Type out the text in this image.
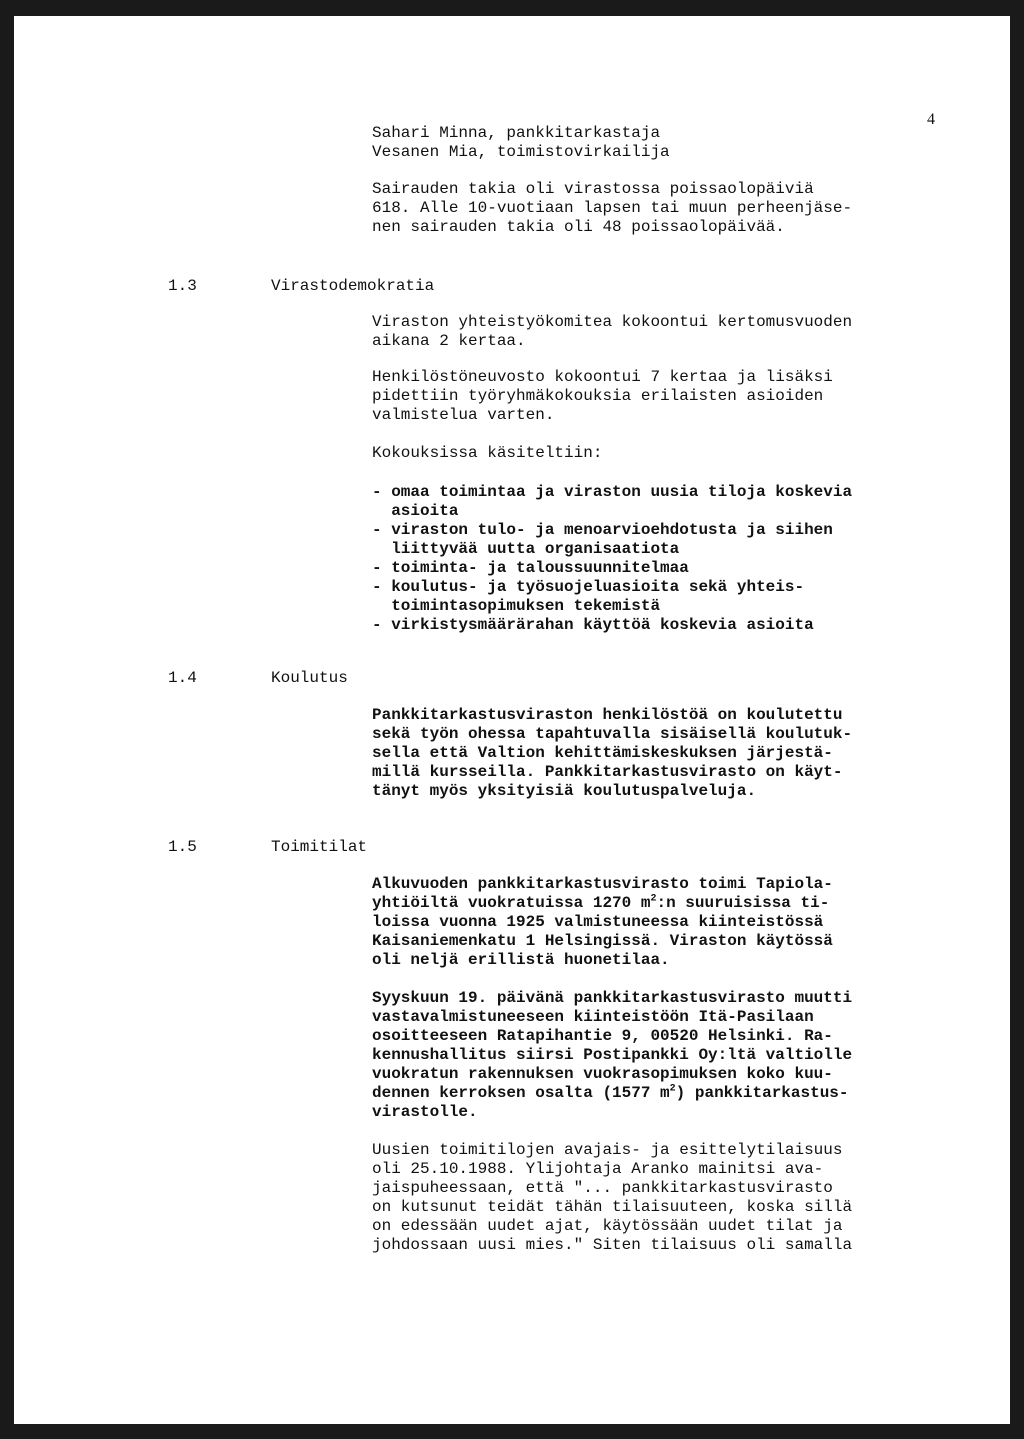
4

Sahari Minna, pankkitarkastaja

Vesanen Mia, toimistovirkailija

Sairauden takia oli virastossa poissaolopäiviä

618. Alle 10-vuotiaan lapsen tai muun perheenjäse-

nen sairauden takia oli 48 poissaolopäivää.

1.3	Virastodemokratia

Viraston yhteistyökomitea kokoontui kertomusvuoden

aikana 2 kertaa.

Henkilöstöneuvosto kokoontui 7 kertaa ja lisäksi

pidettiin työryhmäkokouksia erilaisten asioiden

valmistelua varten.

Kokouksissa käsiteltiin:

- omaa toimintaa ja viraston uusia tiloja koskevia

asioita

- viraston tulo- ja menoarvioehdotusta ja siihen

liittyvää uutta organisaatiota

- toiminta- ja taloussuunnitelmaa

- koulutus- ja työsuojeluasioita sekä yhteis-

toimintasopimuksen tekemistä

- virkistysmäärärahan käyttöä koskevia asioita

1.4	Koulutus

Pankkitarkastusviraston henkilöstöä on koulutettu

sekä työn ohessa tapahtuvalla sisäisellä koulutuk-

sella että Valtion kehittämiskeskuksen järjestä-

millä kursseilla. Pankkitarkastusvirasto on käyt-

tänyt myös yksityisiä koulutuspalveluja.

1.5	Toimitilat

Alkuvuoden pankkitarkastusvirasto toimi Tapiola-

yhtiöiltä vuokratuissa 1270 $m^2:n$ suuruisissa ti-

loissa vuonna 1925 valmistuneessa kiinteistössä

Kaisaniemenkatu 1 Helsingissä. Viraston käytössä

oli neljä erillistä huonetilaa.

Syyskuun 19. päivänä pankkitarkastusvirasto muutti

vastavalmistuneeseen kiinteistöön Itä-Pasilaan

osoitteeseen Ratapihantie 9, 00520 Helsinki. Ra-

kennushallitus siirsi Postipankki Oy:ltä valtiolle

vuokratun rakennuksen vuokrasopimuksen koko kuu-

dennen kerroksen osalta (1577 $m^2$) pankkitarkastus-

virastolle.

Uusien toimitilojen avajais- ja esittelytilaisuus

oli 25.10.1988. Ylijohtaja Aranko mainitsi ava-

jaispuheessaan, että "... pankkitarkastusvirasto

on kutsunut teidät tähän tilaisuuteen, koska sillä

on edessään uudet ajat, käytössään uudet tilat ja

johdossaan uusi mies." Siten tilaisuus oli samalla
